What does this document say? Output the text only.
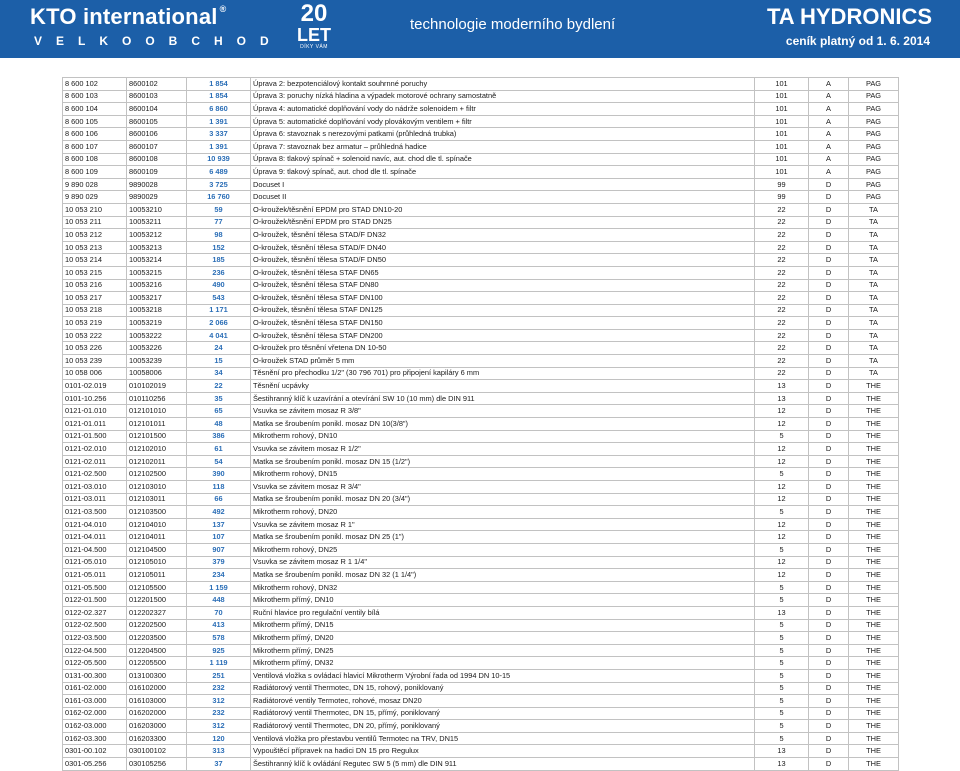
KTO international ®
VELKOOBCHOD
20
LET
DÍKY VÁM
technologie moderního bydlení	TA HYDRONICS
ceník platný od 1. 6. 2014
8 600 102	8600102	1 854	Úprava 2: bezpotenciálový kontakt souhrnné poruchy	101	A	PAG
8 600 103	8600103	1 854	Úprava 3: poruchy nízká hladina a výpadek motorové ochrany samostatně	101	A	PAG
8 600 104	8600104	6 860	Úprava 4: automatické doplňování vody do nádrže solenoidem + filtr	101	A	PAG
8 600 105	8600105	1 391	Úprava 5: automatické doplňování vody plovákovým ventilem + filtr	101	A	PAG
8 600 106	8600106	3 337	Úprava 6: stavoznak s nerezovými patkami (průhledná trubka)	101	A	PAG
8 600 107	8600107	1 391	Úprava 7: stavoznak bez armatur – průhledná hadice	101	A	PAG
8 600 108	8600108	10 939	Úprava 8: tlakový spínač + solenoid navíc, aut. chod dle tl. spínače	101	A	PAG
8 600 109	8600109	6 489	Úprava 9: tlakový spínač, aut. chod dle tl. spínače	101	A	PAG
9 890 028	9890028	3 725	Docuset I	99	D	PAG
9 890 029	9890029	16 760	Docuset II	99	D	PAG
10 053 210	10053210	59	O-kroužek/těsnění EPDM pro STAD DN10-20	22	D	TA
10 053 211	10053211	77	O-kroužek/těsnění EPDM pro STAD DN25	22	D	TA
10 053 212	10053212	98	O-kroužek, těsnění tělesa STAD/F DN32	22	D	TA
10 053 213	10053213	152	O-kroužek, těsnění tělesa STAD/F DN40	22	D	TA
10 053 214	10053214	185	O-kroužek, těsnění tělesa STAD/F DN50	22	D	TA
10 053 215	10053215	236	O-kroužek, těsnění tělesa STAF DN65	22	D	TA
10 053 216	10053216	490	O-kroužek, těsnění tělesa STAF DN80	22	D	TA
10 053 217	10053217	543	O-kroužek, těsnění tělesa STAF DN100	22	D	TA
10 053 218	10053218	1 171	O-kroužek, těsnění tělesa STAF DN125	22	D	TA
10 053 219	10053219	2 066	O-kroužek, těsnění tělesa STAF DN150	22	D	TA
10 053 222	10053222	4 041	O-kroužek, těsnění tělesa STAF DN200	22	D	TA
10 053 226	10053226	24	O-kroužek pro těsnění vřetena DN 10-50	22	D	TA
10 053 239	10053239	15	O-kroužek STAD průměr 5 mm	22	D	TA
10 058 006	10058006	34	Těsnění pro přechodku 1/2" (30 796 701) pro připojení kapiláry 6 mm	22	D	TA
0101-02.019	010102019	22	Těsnění ucpávky	13	D	THE
0101-10.256	010110256	35	Šestihranný klíč k uzavírání a otevírání SW 10 (10 mm) dle DIN 911	13	D	THE
0121-01.010	012101010	65	Vsuvka se závitem mosaz R 3/8"	12	D	THE
0121-01.011	012101011	48	Matka se šroubením ponikl. mosaz DN 10(3/8")	12	D	THE
0121-01.500	012101500	386	Mikrotherm rohový, DN10	5	D	THE
0121-02.010	012102010	61	Vsuvka se závitem mosaz R 1/2"	12	D	THE
0121-02.011	012102011	54	Matka se šroubením ponikl. mosaz DN 15 (1/2")	12	D	THE
0121-02.500	012102500	390	Mikrotherm rohový, DN15	5	D	THE
0121-03.010	012103010	118	Vsuvka se závitem mosaz R 3/4"	12	D	THE
0121-03.011	012103011	66	Matka se šroubením ponikl. mosaz DN 20 (3/4")	12	D	THE
0121-03.500	012103500	492	Mikrotherm rohový, DN20	5	D	THE
0121-04.010	012104010	137	Vsuvka se závitem mosaz R 1"	12	D	THE
0121-04.011	012104011	107	Matka se šroubením ponikl. mosaz DN 25 (1")	12	D	THE
0121-04.500	012104500	907	Mikrotherm rohový, DN25	5	D	THE
0121-05.010	012105010	379	Vsuvka se závitem mosaz R 1 1/4"	12	D	THE
0121-05.011	012105011	234	Matka se šroubením ponikl. mosaz DN 32 (1 1/4")	12	D	THE
0121-05.500	012105500	1 159	Mikrotherm rohový, DN32	5	D	THE
0122-01.500	012201500	448	Mikrotherm přímý, DN10	5	D	THE
0122-02.327	012202327	70	Ruční hlavice pro regulační ventily bílá	13	D	THE
0122-02.500	012202500	413	Mikrotherm přímý, DN15	5	D	THE
0122-03.500	012203500	578	Mikrotherm přímý, DN20	5	D	THE
0122-04.500	012204500	925	Mikrotherm přímý, DN25	5	D	THE
0122-05.500	012205500	1 119	Mikrotherm přímý, DN32	5	D	THE
0131-00.300	013100300	251	Ventilová vložka s ovládací hlavicí Mikrotherm Výrobní řada od 1994 DN 10-15	5	D	THE
0161-02.000	016102000	232	Radiátorový ventil Thermotec, DN 15, rohový, poniklovaný	5	D	THE
0161-03.000	016103000	312	Radiátorové ventily Termotec, rohové, mosaz DN20	5	D	THE
0162-02.000	016202000	232	Radiátorový ventil Thermotec, DN 15, přímý, poniklovaný	5	D	THE
0162-03.000	016203000	312	Radiátorový ventil Thermotec, DN 20, přímý, poniklovaný	5	D	THE
0162-03.300	016203300	120	Ventilová vložka pro přestavbu ventilů Termotec na TRV, DN15	5	D	THE
0301-00.102	030100102	313	Vypouštěcí přípravek na hadici DN 15 pro Regulux	13	D	THE
0301-05.256	030105256	37	Šestihranný klíč k ovládání Regutec SW 5 (5 mm) dle DIN 911	13	D	THE
